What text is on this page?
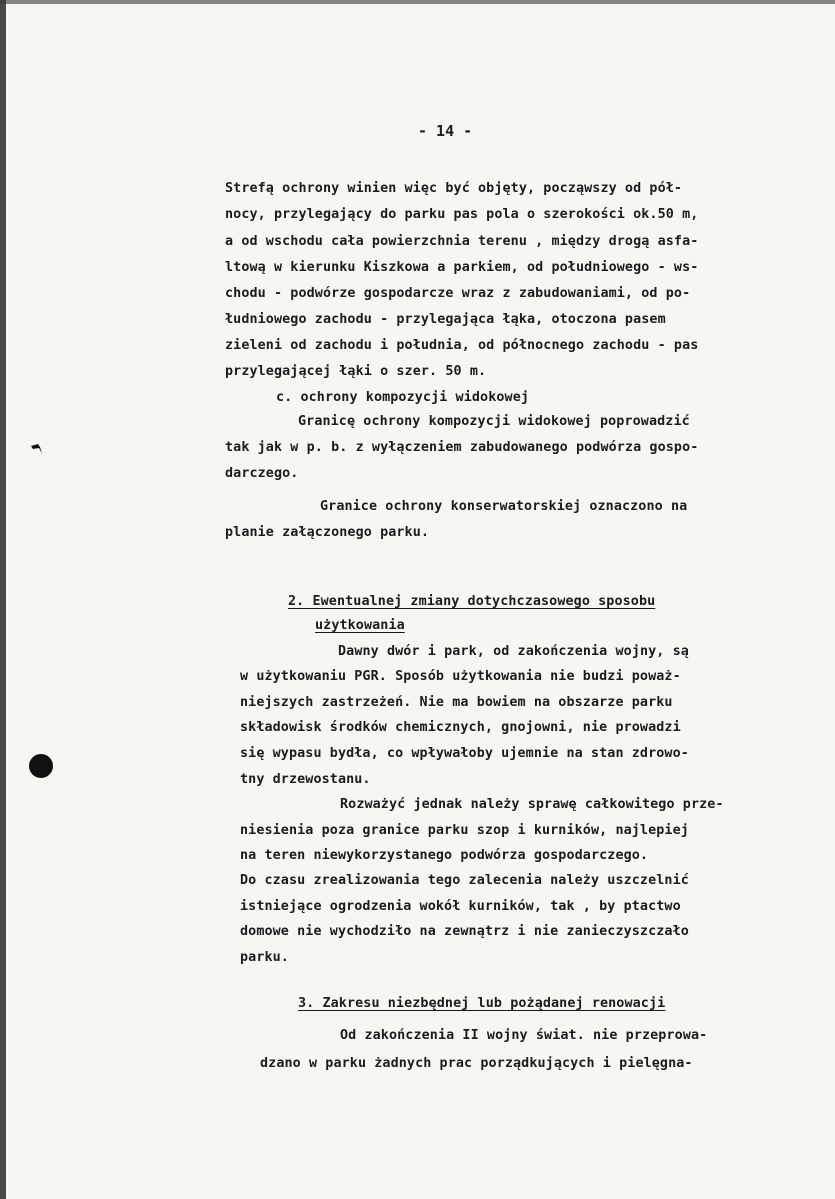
- 14 -
Strefą ochrony winien więc być objęty, począwszy od pół-
nocy, przylegający do parku pas pola o szerokości ok.50 m,
a od wschodu cała powierzchnia terenu , między drogą asfa-
ltową w kierunku Kiszkowa a parkiem, od południowego - ws-
chodu - podwórze gospodarcze wraz z zabudowaniami, od po-
łudniowego zachodu - przylegająca łąka, otoczona pasem
zieleni od zachodu i południa, od północnego zachodu - pas
przylegającej łąki o szer. 50 m.
c. ochrony kompozycji widokowej
Granicę ochrony kompozycji widokowej poprowadzić
tak jak w p. b. z wyłączeniem zabudowanego podwórza gospo-
darczego.
Granice ochrony konserwatorskiej oznaczono na
planie załączonego parku.
2. Ewentualnej zmiany dotychczasowego sposobu
użytkowania
Dawny dwór i park, od zakończenia wojny, są
w użytkowaniu PGR. Sposób użytkowania nie budzi poważ-
niejszych zastrzeżeń. Nie ma bowiem na obszarze parku
składowisk środków chemicznych, gnojowni, nie prowadzi
się wypasu bydła, co wpływałoby ujemnie na stan zdrowo-
tny drzewostanu.
Rozważyć jednak należy sprawę całkowitego prze-
niesienia poza granice parku szop i kurników, najlepiej
na teren niewykorzystanego podwórza gospodarczego.
Do czasu zrealizowania tego zalecenia należy uszczelnić
istniejące ogrodzenia wokół kurników, tak , by ptactwo
domowe nie wychodziło na zewnątrz i nie zanieczyszczało
parku.
3. Zakresu niezbędnej lub pożądanej renowacji
Od zakończenia II wojny świat. nie przeprowa-
dzano w parku żadnych prac porządkujących i pielęgna-
